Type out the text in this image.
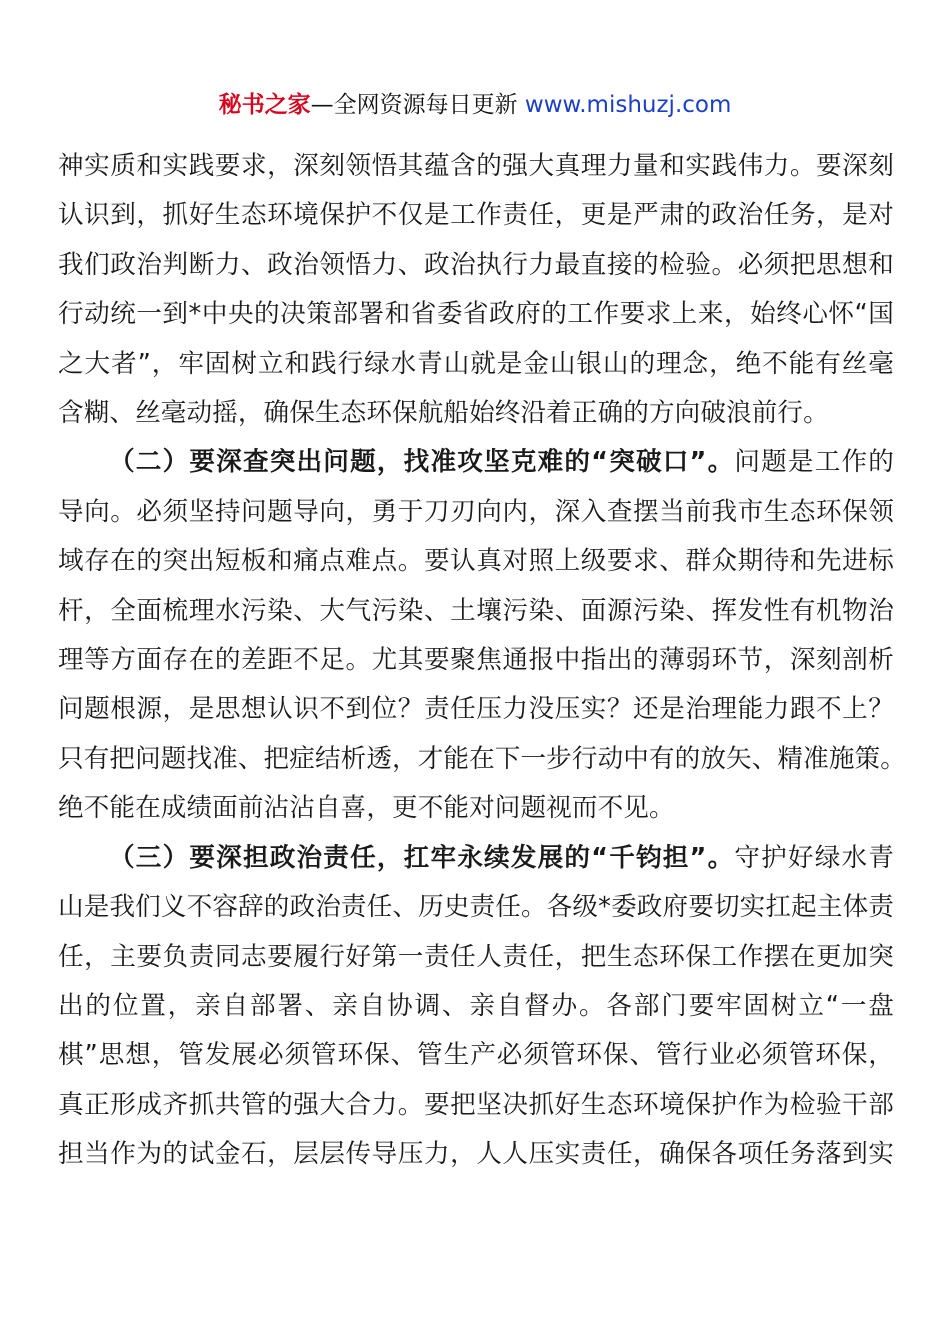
秘书之家—全网资源每日更新 www.mishuzj.com

神实质和实践要求，深刻领悟其蕴含的强大真理力量和实践伟力。要深刻
认识到，抓好生态环境保护不仅是工作责任，更是严肃的政治任务，是对
我们政治判断力、政治领悟力、政治执行力最直接的检验。必须把思想和
行动统一到*中央的决策部署和省委省政府的工作要求上来，始终心怀“国
之大者”，牢固树立和践行绿水青山就是金山银山的理念，绝不能有丝毫
含糊、丝毫动摇，确保生态环保航船始终沿着正确的方向破浪前行。

（二）要深查突出问题，找准攻坚克难的“突破口”。问题是工作的
导向。必须坚持问题导向，勇于刀刃向内，深入查摆当前我市生态环保领
域存在的突出短板和痛点难点。要认真对照上级要求、群众期待和先进标
杆，全面梳理水污染、大气污染、土壤污染、面源污染、挥发性有机物治
理等方面存在的差距不足。尤其要聚焦通报中指出的薄弱环节，深刻剖析
问题根源，是思想认识不到位？责任压力没压实？还是治理能力跟不上？
只有把问题找准、把症结析透，才能在下一步行动中有的放矢、精准施策。
绝不能在成绩面前沾沾自喜，更不能对问题视而不见。

（三）要深担政治责任，扛牢永续发展的“千钧担”。守护好绿水青
山是我们义不容辞的政治责任、历史责任。各级*委政府要切实扛起主体责
任，主要负责同志要履行好第一责任人责任，把生态环保工作摆在更加突
出的位置，亲自部署、亲自协调、亲自督办。各部门要牢固树立“一盘
棋”思想，管发展必须管环保、管生产必须管环保、管行业必须管环保，
真正形成齐抓共管的强大合力。要把坚决抓好生态环境保护作为检验干部
担当作为的试金石，层层传导压力，人人压实责任，确保各项任务落到实
